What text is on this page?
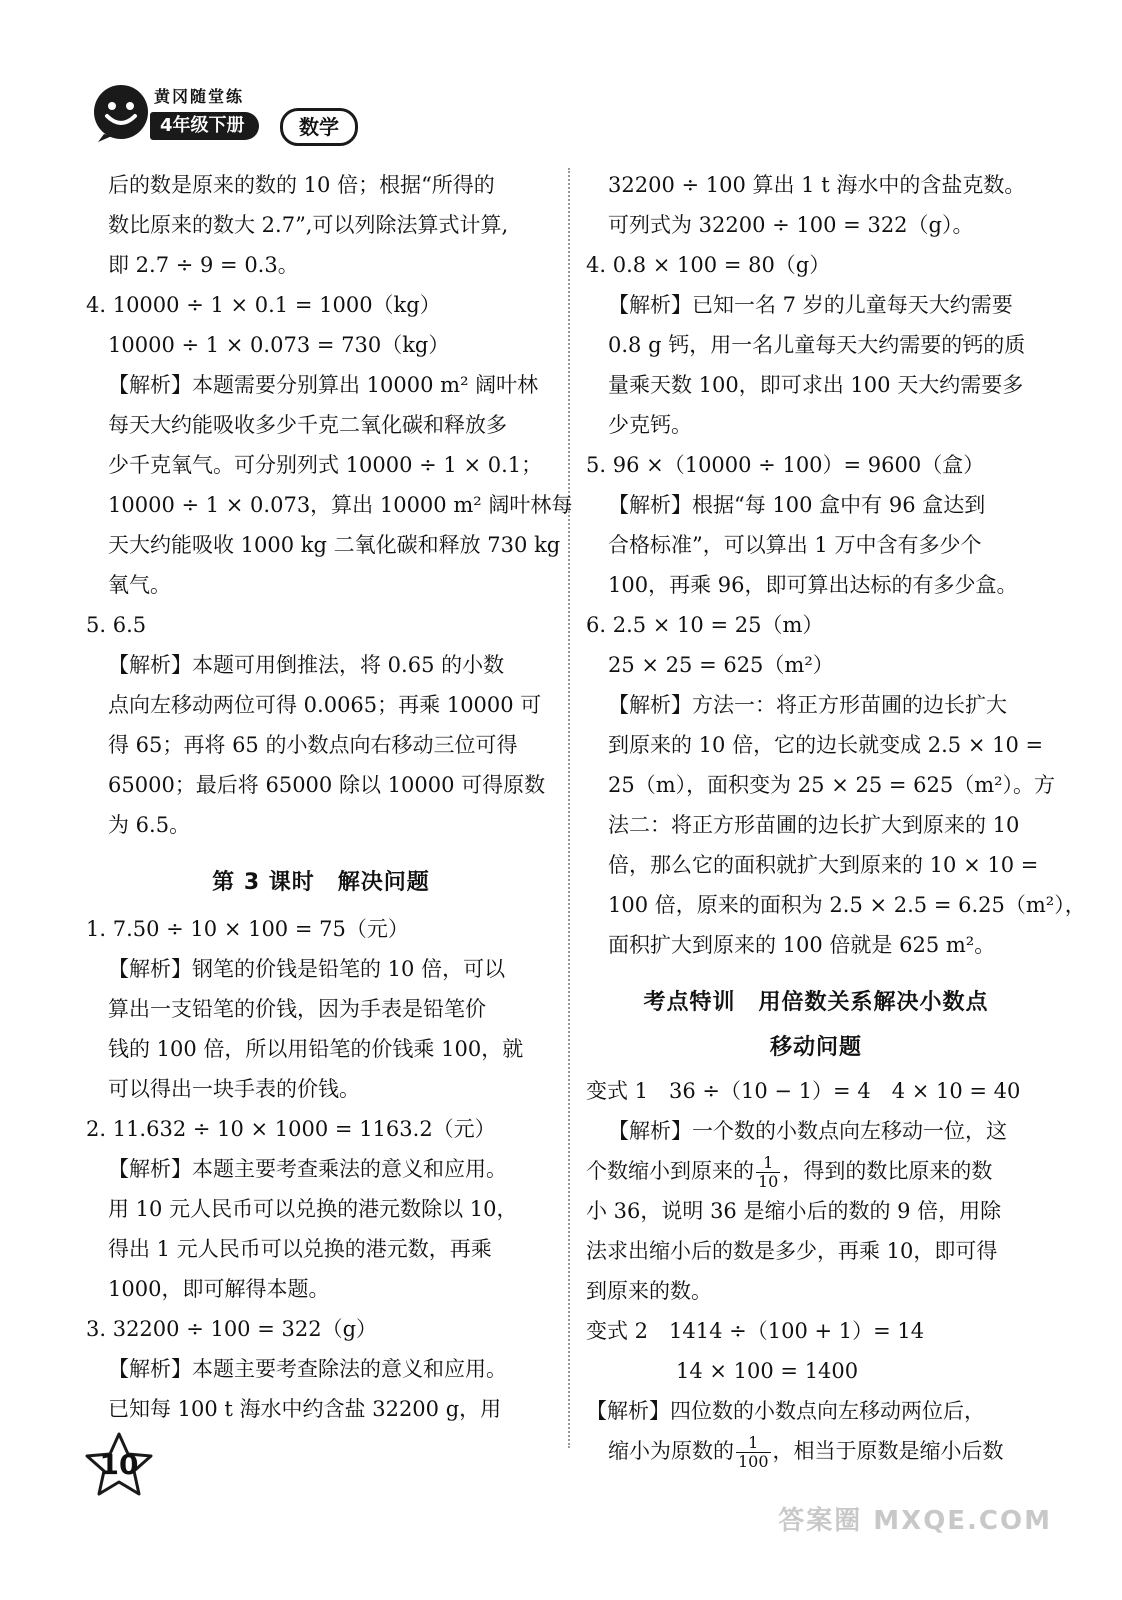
黄冈随堂练
4年级下册	数学
后的数是原来的数的 10 倍；根据“所得的
数比原来的数大 2.7”,可以列除法算式计算,
即 2.7 ÷ 9 = 0.3。
4. 10000 ÷ 1 × 0.1 = 1000（kg）
10000 ÷ 1 × 0.073 = 730（kg）
【解析】本题需要分别算出 10000 m² 阔叶林
每天大约能吸收多少千克二氧化碳和释放多
少千克氧气。可分别列式 10000 ÷ 1 × 0.1；
10000 ÷ 1 × 0.073，算出 10000 m² 阔叶林每
天大约能吸收 1000 kg 二氧化碳和释放 730 kg
氧气。
5. 6.5
【解析】本题可用倒推法，将 0.65 的小数
点向左移动两位可得 0.0065；再乘 10000 可
得 65；再将 65 的小数点向右移动三位可得
65000；最后将 65000 除以 10000 可得原数
为 6.5。
第 3 课时　解决问题
1. 7.50 ÷ 10 × 100 = 75（元）
【解析】钢笔的价钱是铅笔的 10 倍，可以
算出一支铅笔的价钱，因为手表是铅笔价
钱的 100 倍，所以用铅笔的价钱乘 100，就
可以得出一块手表的价钱。
2. 11.632 ÷ 10 × 1000 = 1163.2（元）
【解析】本题主要考查乘法的意义和应用。
用 10 元人民币可以兑换的港元数除以 10，
得出 1 元人民币可以兑换的港元数，再乘
1000，即可解得本题。
3. 32200 ÷ 100 = 322（g）
【解析】本题主要考查除法的意义和应用。
已知每 100 t 海水中约含盐 32200 g，用
32200 ÷ 100 算出 1 t 海水中的含盐克数。
可列式为 32200 ÷ 100 = 322（g）。
4. 0.8 × 100 = 80（g）
【解析】已知一名 7 岁的儿童每天大约需要
0.8 g 钙，用一名儿童每天大约需要的钙的质
量乘天数 100，即可求出 100 天大约需要多
少克钙。
5. 96 ×（10000 ÷ 100）= 9600（盒）
【解析】根据“每 100 盒中有 96 盒达到
合格标准”，可以算出 1 万中含有多少个
100，再乘 96，即可算出达标的有多少盒。
6. 2.5 × 10 = 25（m）
25 × 25 = 625（m²）
【解析】方法一：将正方形苗圃的边长扩大
到原来的 10 倍，它的边长就变成 2.5 × 10 =
25（m），面积变为 25 × 25 = 625（m²）。方
法二：将正方形苗圃的边长扩大到原来的 10
倍，那么它的面积就扩大到原来的 10 × 10 =
100 倍，原来的面积为 2.5 × 2.5 = 6.25（m²），
面积扩大到原来的 100 倍就是 625 m²。
考点特训　用倍数关系解决小数点
移动问题
变式 1　36 ÷（10 − 1）= 4　4 × 10 = 40
【解析】一个数的小数点向左移动一位，这
个数缩小到原来的 $\frac{1}{10}$ ，得到的数比原来的数
小 36，说明 36 是缩小后的数的 9 倍，用除
法求出缩小后的数是多少，再乘 10，即可得
到原来的数。
变式 2　1414 ÷（100 + 1）= 14
14 × 100 = 1400
【解析】四位数的小数点向左移动两位后，
缩小为原数的 $\frac{1}{100}$ ，相当于原数是缩小后数
10
答案圈 MXQE.COM
